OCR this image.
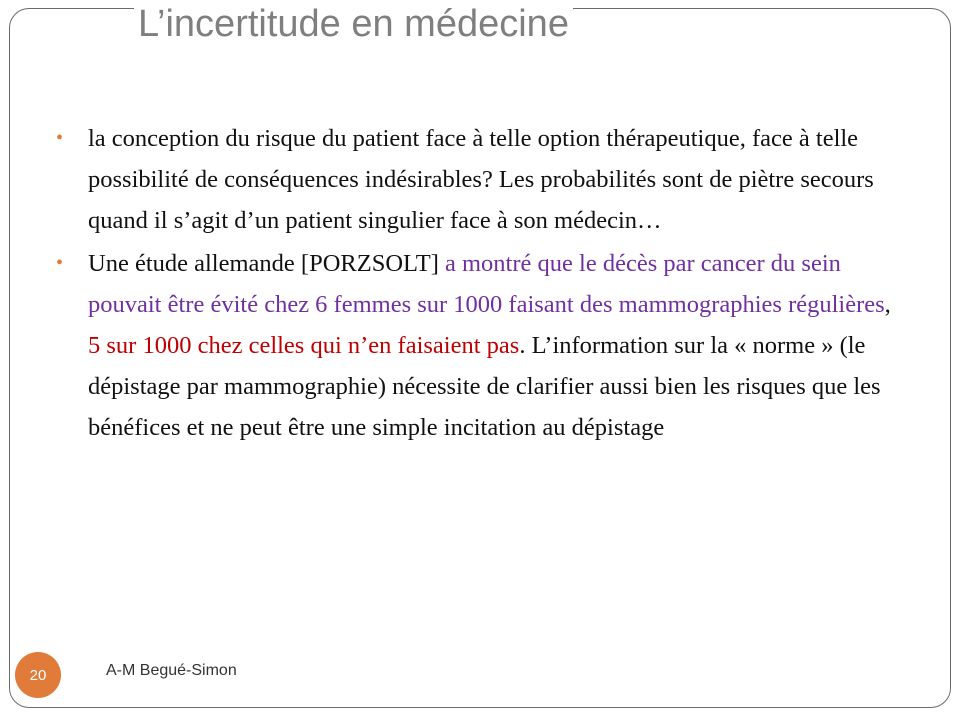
L’incertitude en médecine
• la conception du risque du patient face à telle option thérapeutique, face à telle possibilité de conséquences indésirables? Les probabilités sont de piètre secours quand il s’agit d’un patient singulier face à son médecin…
• Une étude allemande [PORZSOLT] a montré que le décès par cancer du sein pouvait être évité chez 6 femmes sur 1000 faisant des mammographies régulières, 5 sur 1000 chez celles qui n’en faisaient pas. L’information sur la « norme » (le dépistage par mammographie) nécessite de clarifier aussi bien les risques que les bénéfices et ne peut être une simple incitation au dépistage
20	A-M Begué-Simon
